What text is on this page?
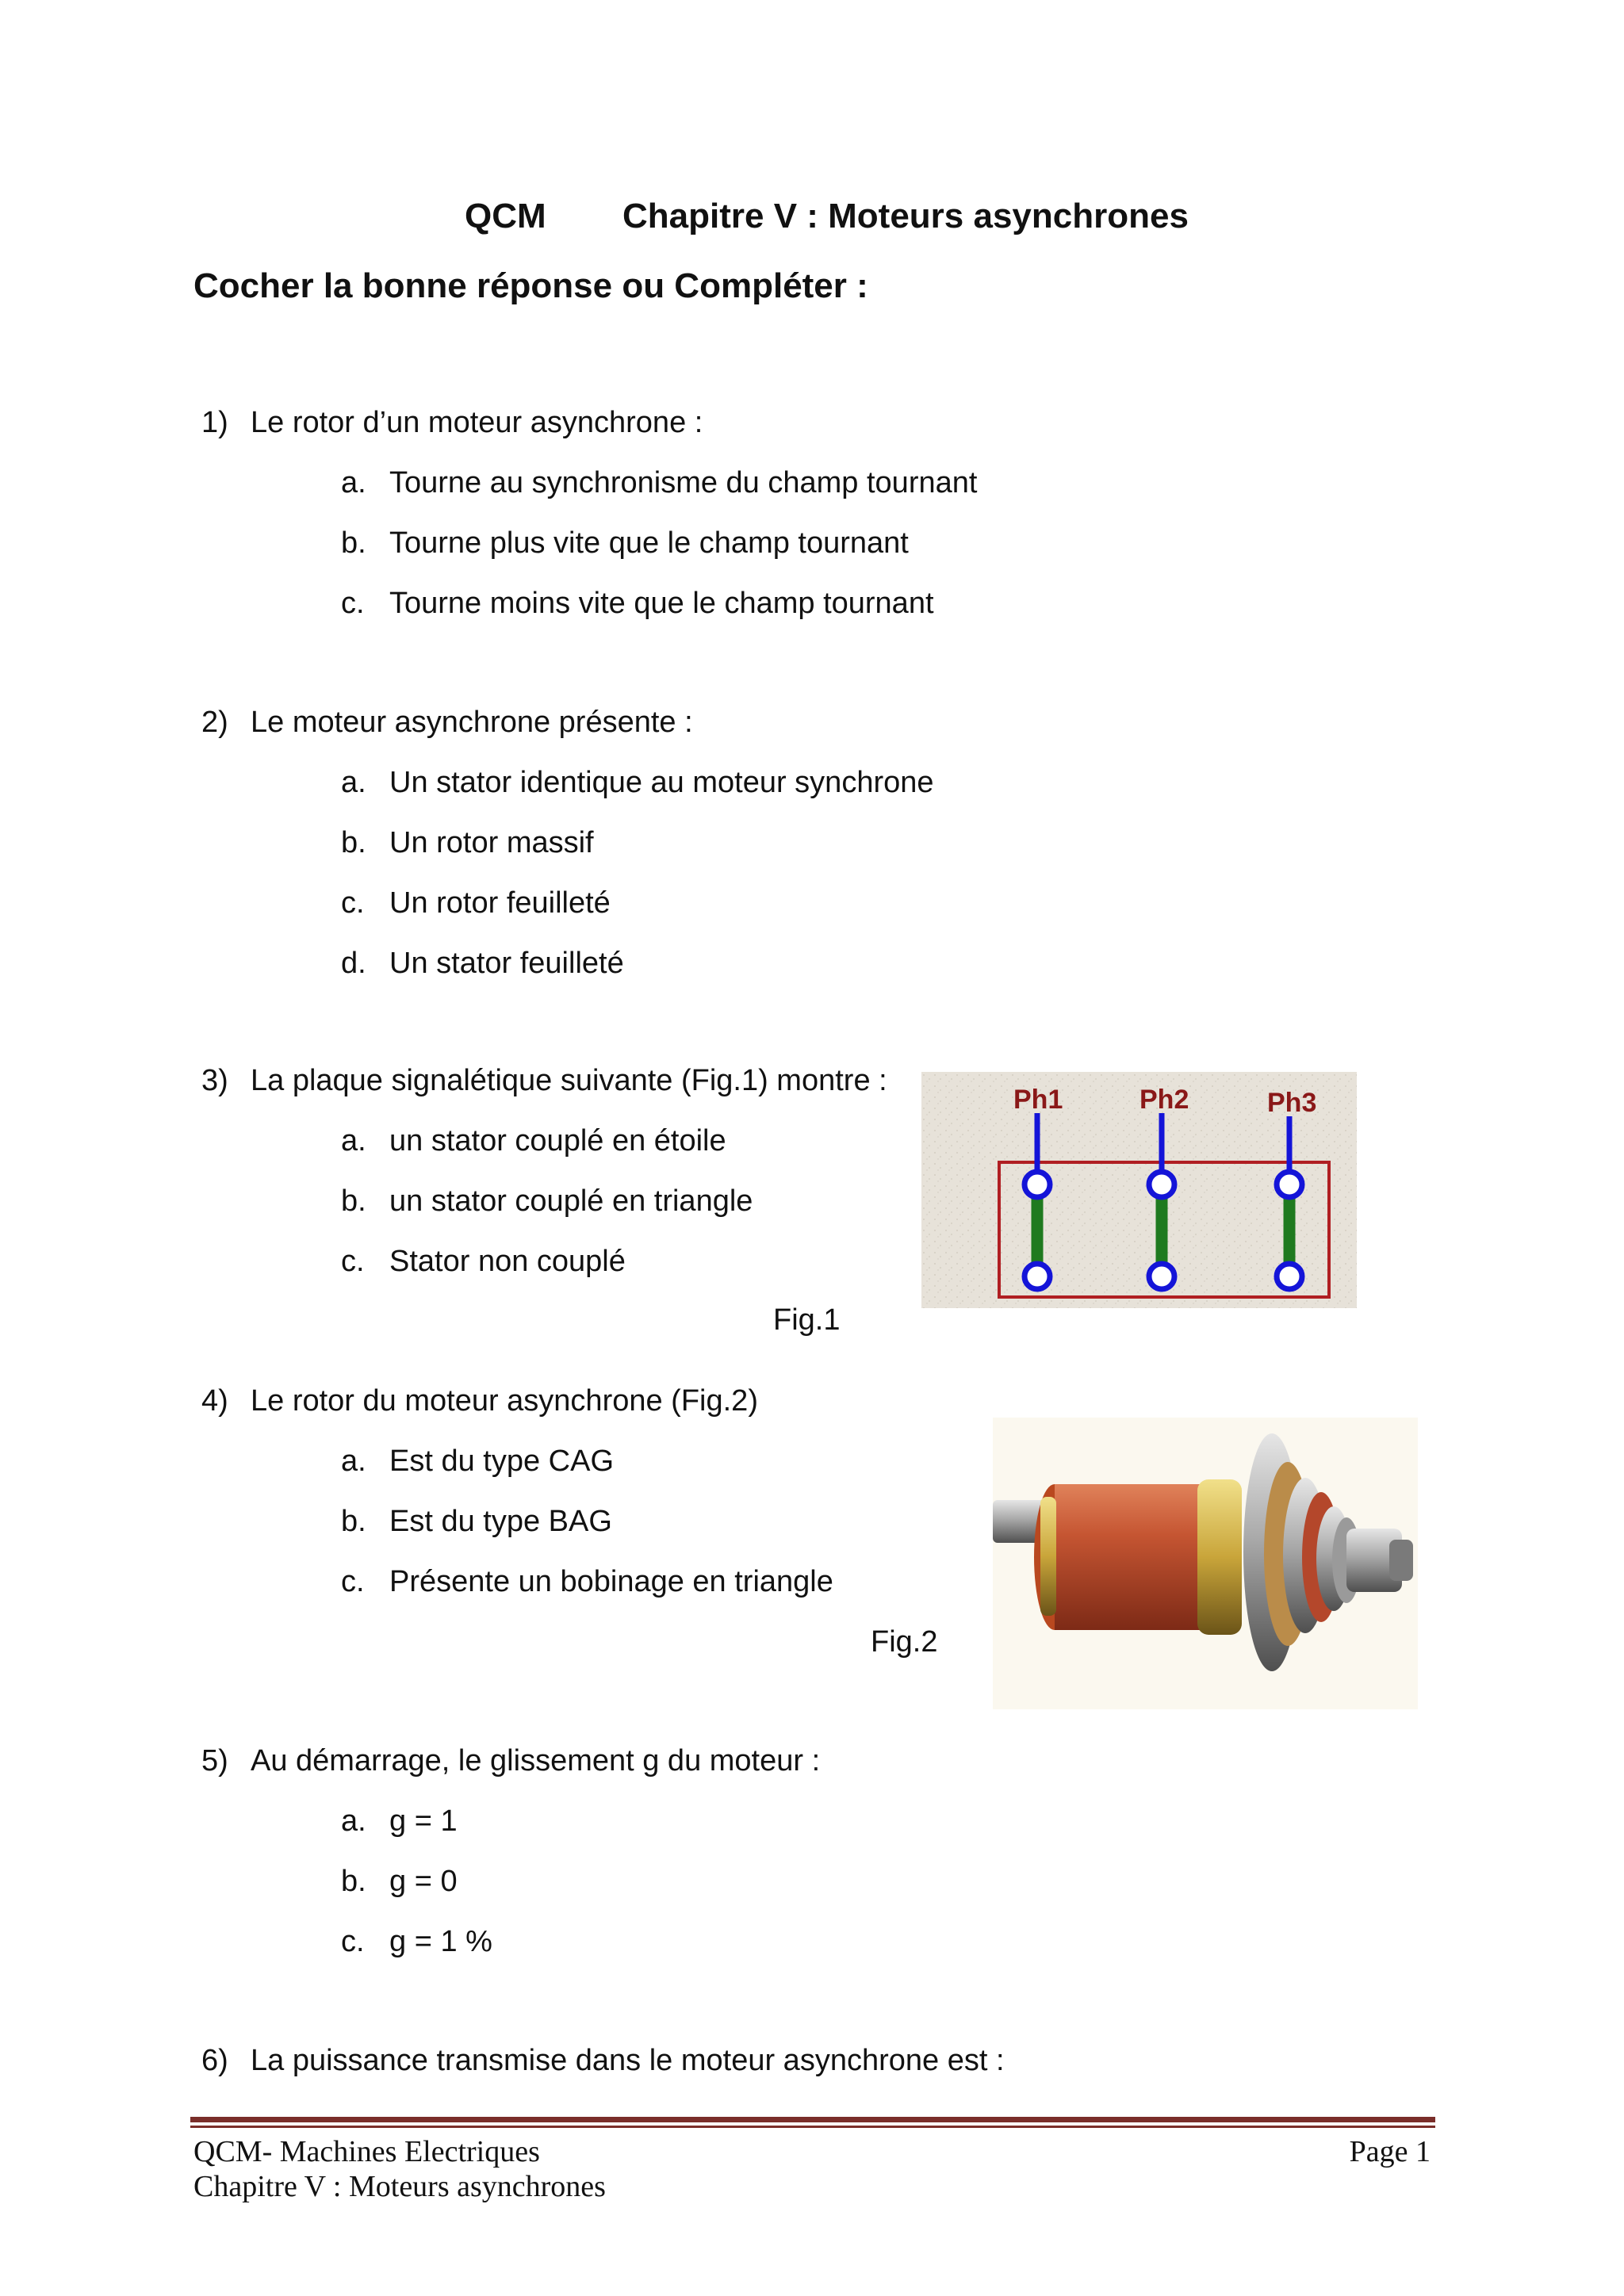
QCM Chapitre V : Moteurs asynchrones
Cocher la bonne réponse ou Compléter :
1) Le rotor d’un moteur asynchrone :
a. Tourne au synchronisme du champ tournant
b. Tourne plus vite que le champ tournant
c. Tourne moins vite que le champ tournant
2) Le moteur asynchrone présente :
a. Un stator identique au moteur synchrone
b. Un rotor massif
c. Un rotor feuilleté
d. Un stator feuilleté
3) La plaque signalétique suivante (Fig.1) montre :
a. un stator couplé en étoile
b. un stator couplé en triangle
c. Stator non couplé
Ph1	Ph2	Ph3
Fig.1
4) Le rotor du moteur asynchrone (Fig.2)
a. Est du type CAG
b. Est du type BAG
c. Présente un bobinage en triangle
Fig.2
5) Au démarrage, le glissement g du moteur :
a. g = 1
b. g = 0
c. g = 1 %
6) La puissance transmise dans le moteur asynchrone est :
QCM- Machines Electriques
Chapitre V : Moteurs asynchrones
Page 1
